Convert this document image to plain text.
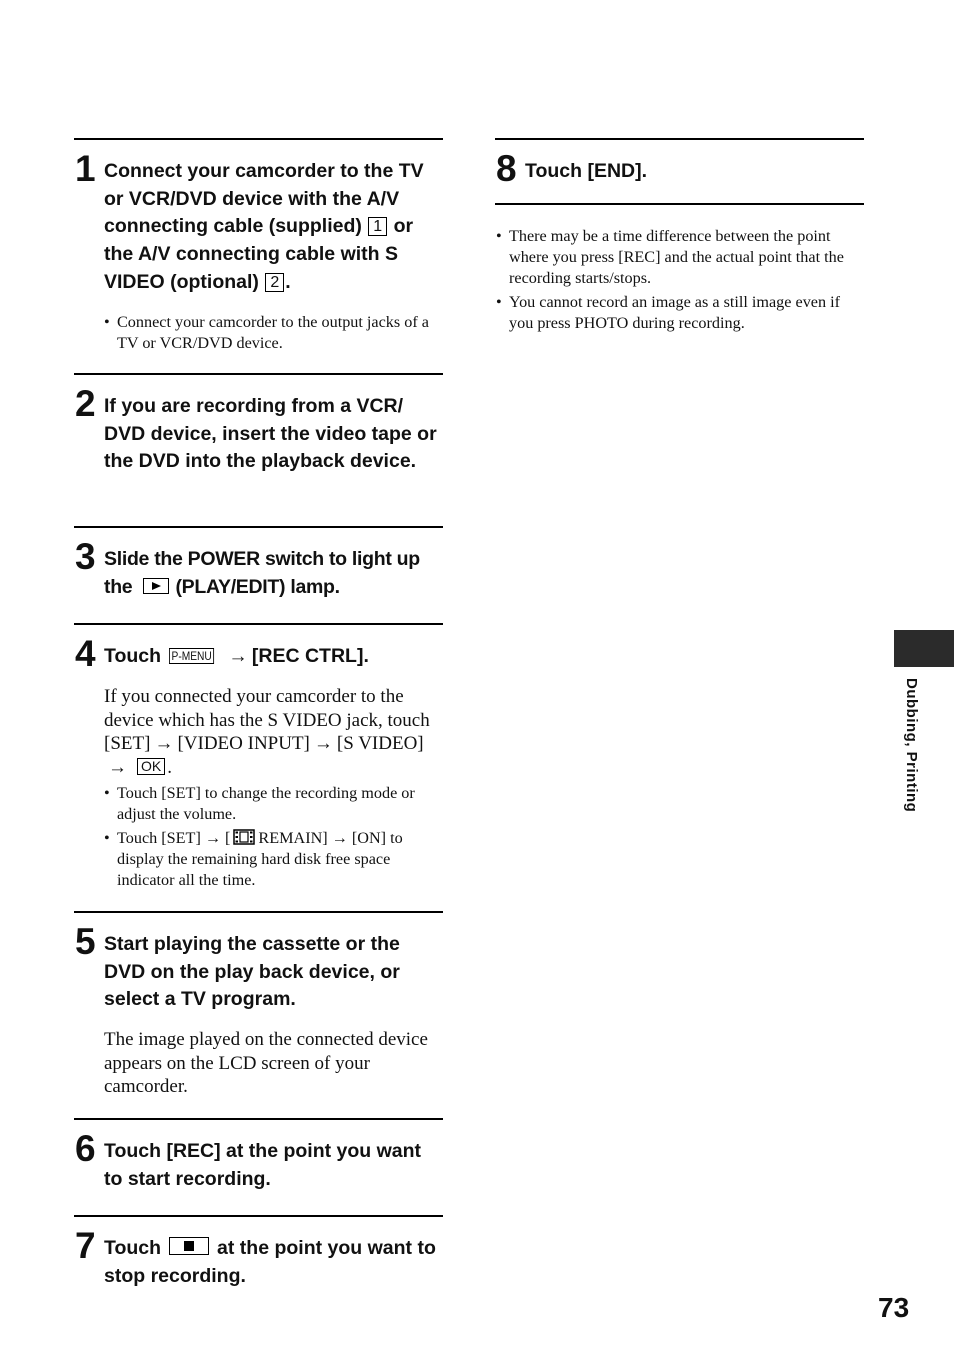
1 Connect your camcorder to the TV or VCR/DVD device with the A/V connecting cable (supplied) 1 or the A/V connecting cable with S VIDEO (optional) 2 .
• Connect your camcorder to the output jacks of a TV or VCR/DVD device.
2 If you are recording from a VCR/ DVD device, insert the video tape or the DVD into the playback device.
3 Slide the POWER switch to light up the (PLAY/EDIT) lamp.
4 Touch P-MENU → [REC CTRL].
If you connected your camcorder to the device which has the S VIDEO jack, touch [SET] → [VIDEO INPUT] → [S VIDEO]→ OK .
• Touch [SET] to change the recording mode or adjust the volume.
• Touch [SET] → [ REMAIN] → [ON] to display the remaining hard disk free space indicator all the time.
5 Start playing the cassette or the DVD on the play back device, or select a TV program.
The image played on the connected device appears on the LCD screen of your camcorder.
6 Touch [REC] at the point you want to start recording.
7 Touch	at the point you want to stop recording.
8 Touch [END].
• There may be a time difference between the point where you press [REC] and the actual point that the recording starts/stops.
• You cannot record an image as a still image even if you press PHOTO during recording.
Dubbing, Printing
73
